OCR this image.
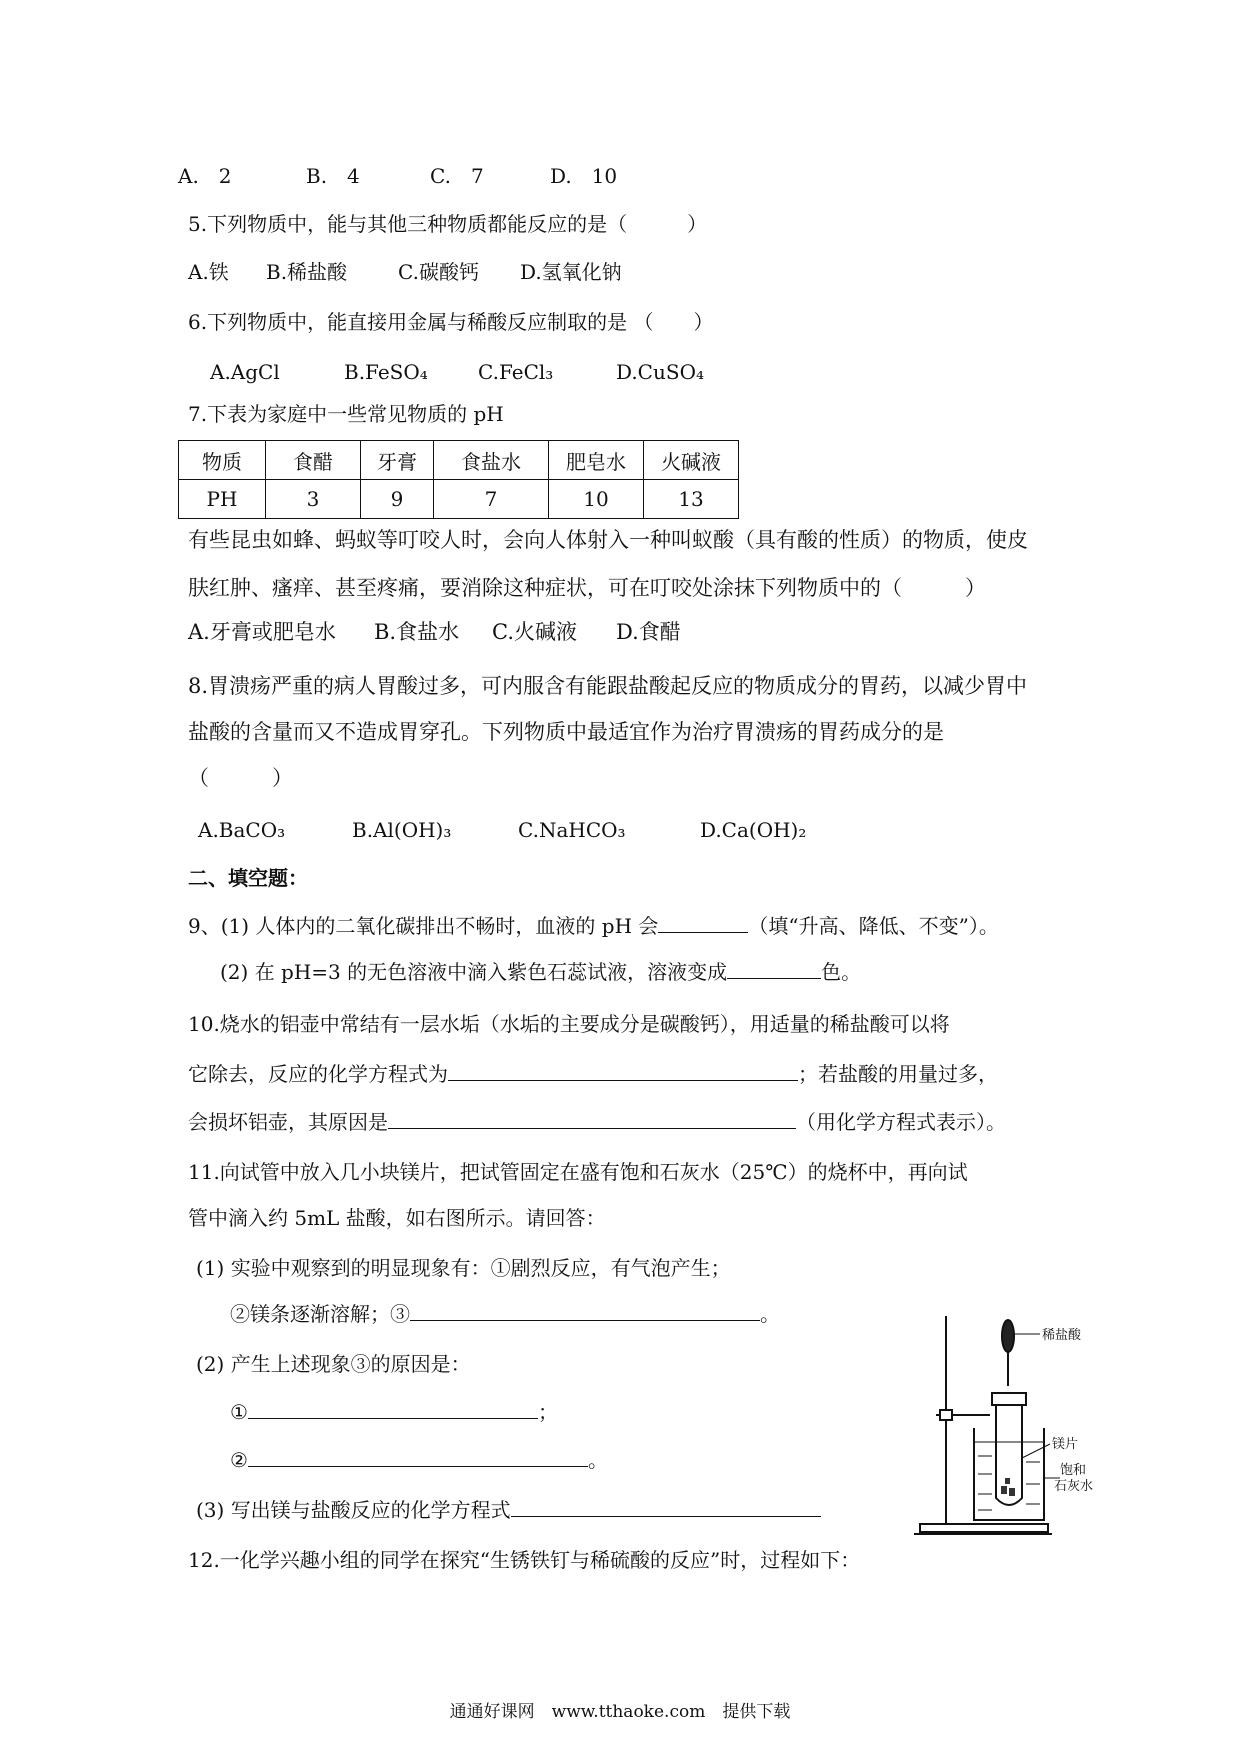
A.　2	B.　4	C.　7	D.　10
5.下列物质中，能与其他三种物质都能反应的是（　　　）
A.铁 B.稀盐酸	C.碳酸钙 D.氢氧化钠
6.下列物质中，能直接用金属与稀酸反应制取的是 （　　）
A.AgCl	B.FeSO₄	C.FeCl₃	D.CuSO₄
7.下表为家庭中一些常见物质的 pH
物质	食醋	牙膏	食盐水	肥皂水	火碱液
PH	3	9	7	10	13
有些昆虫如蜂、蚂蚁等叮咬人时，会向人体射入一种叫蚁酸（具有酸的性质）的物质，使皮
肤红肿、瘙痒、甚至疼痛，要消除这种症状，可在叮咬处涂抹下列物质中的（　　　）
A.牙膏或肥皂水 B.食盐水 C.火碱液 D.食醋
8.胃溃疡严重的病人胃酸过多，可内服含有能跟盐酸起反应的物质成分的胃药，以减少胃中
盐酸的含量而又不造成胃穿孔。下列物质中最适宜作为治疗胃溃疡的胃药成分的是
（　　　）
A.BaCO₃	B.Al(OH)₃	C.NaHCO₃	D.Ca(OH)₂
二、填空题：
9、(1) 人体内的二氧化碳排出不畅时，血液的 pH 会	（填“升高、降低、不变”）。
(2) 在 pH=3 的无色溶液中滴入紫色石蕊试液，溶液变成	色。
10.烧水的铝壶中常结有一层水垢（水垢的主要成分是碳酸钙），用适量的稀盐酸可以将
它除去，反应的化学方程式为	；若盐酸的用量过多，
会损坏铝壶，其原因是	（用化学方程式表示）。
11.向试管中放入几小块镁片，把试管固定在盛有饱和石灰水（25℃）的烧杯中，再向试
管中滴入约 5mL 盐酸，如右图所示。请回答：
(1) 实验中观察到的明显现象有：①剧烈反应，有气泡产生；
②镁条逐渐溶解；③	。
(2) 产生上述现象③的原因是：
①	；
②	。
(3) 写出镁与盐酸反应的化学方程式
稀盐酸
镁片
饱和
石灰水
12.一化学兴趣小组的同学在探究“生锈铁钉与稀硫酸的反应”时，过程如下：
通通好课网　www.tthaoke.com　提供下载
